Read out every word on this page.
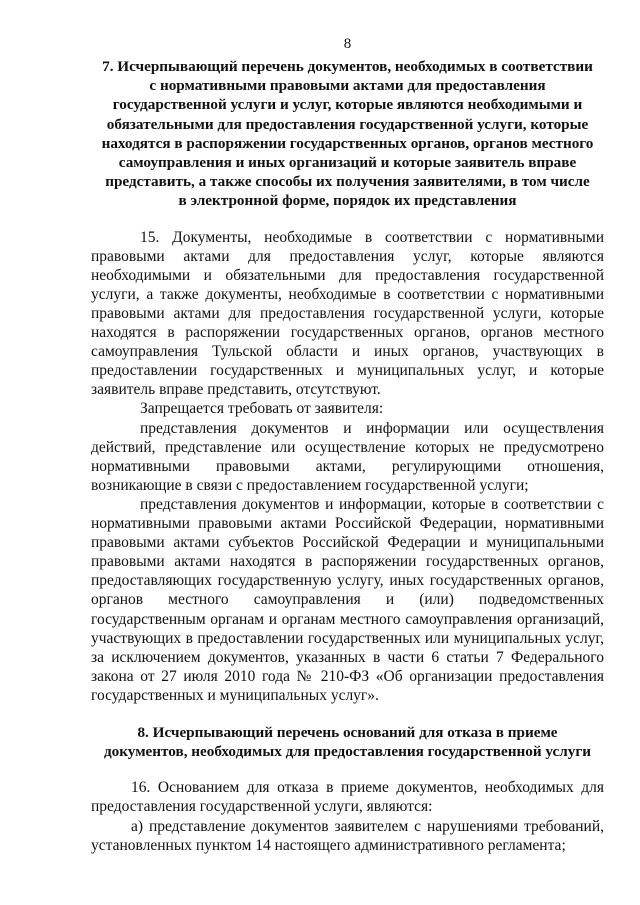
8
7. Исчерпывающий перечень документов, необходимых в соответствии
с нормативными правовыми актами для предоставления
государственной услуги и услуг, которые являются необходимыми и
обязательными для предоставления государственной услуги, которые
находятся в распоряжении государственных органов, органов местного
самоуправления и иных организаций и которые заявитель вправе
представить, а также способы их получения заявителями, в том числе
в электронной форме, порядок их представления

15. Документы, необходимые в соответствии с нормативными правовыми актами для предоставления услуг, которые являются необходимыми и обязательными для предоставления государственной услуги, а также документы, необходимые в соответствии с нормативными правовыми актами для предоставления государственной услуги, которые находятся в распоряжении государственных органов, органов местного самоуправления Тульской области и иных органов, участвующих в предоставлении государственных и муниципальных услуг, и которые заявитель вправе представить, отсутствуют.

Запрещается требовать от заявителя:

представления документов и информации или осуществления действий, представление или осуществление которых не предусмотрено нормативными правовыми актами, регулирующими отношения, возникающие в связи с предоставлением государственной услуги;

представления документов и информации, которые в соответствии с нормативными правовыми актами Российской Федерации, нормативными правовыми актами субъектов Российской Федерации и муниципальными правовыми актами находятся в распоряжении государственных органов, предоставляющих государственную услугу, иных государственных органов, органов местного самоуправления и (или) подведомственных государственным органам и органам местного самоуправления организаций, участвующих в предоставлении государственных или муниципальных услуг, за исключением документов, указанных в части 6 статьи 7 Федерального закона от 27 июля 2010 года № 210-ФЗ «Об организации предоставления государственных и муниципальных услуг».

8. Исчерпывающий перечень оснований для отказа в приеме
документов, необходимых для предоставления государственной услуги

16. Основанием для отказа в приеме документов, необходимых для предоставления государственной услуги, являются:

а) представление документов заявителем с нарушениями требований, установленных пунктом 14 настоящего административного регламента;
